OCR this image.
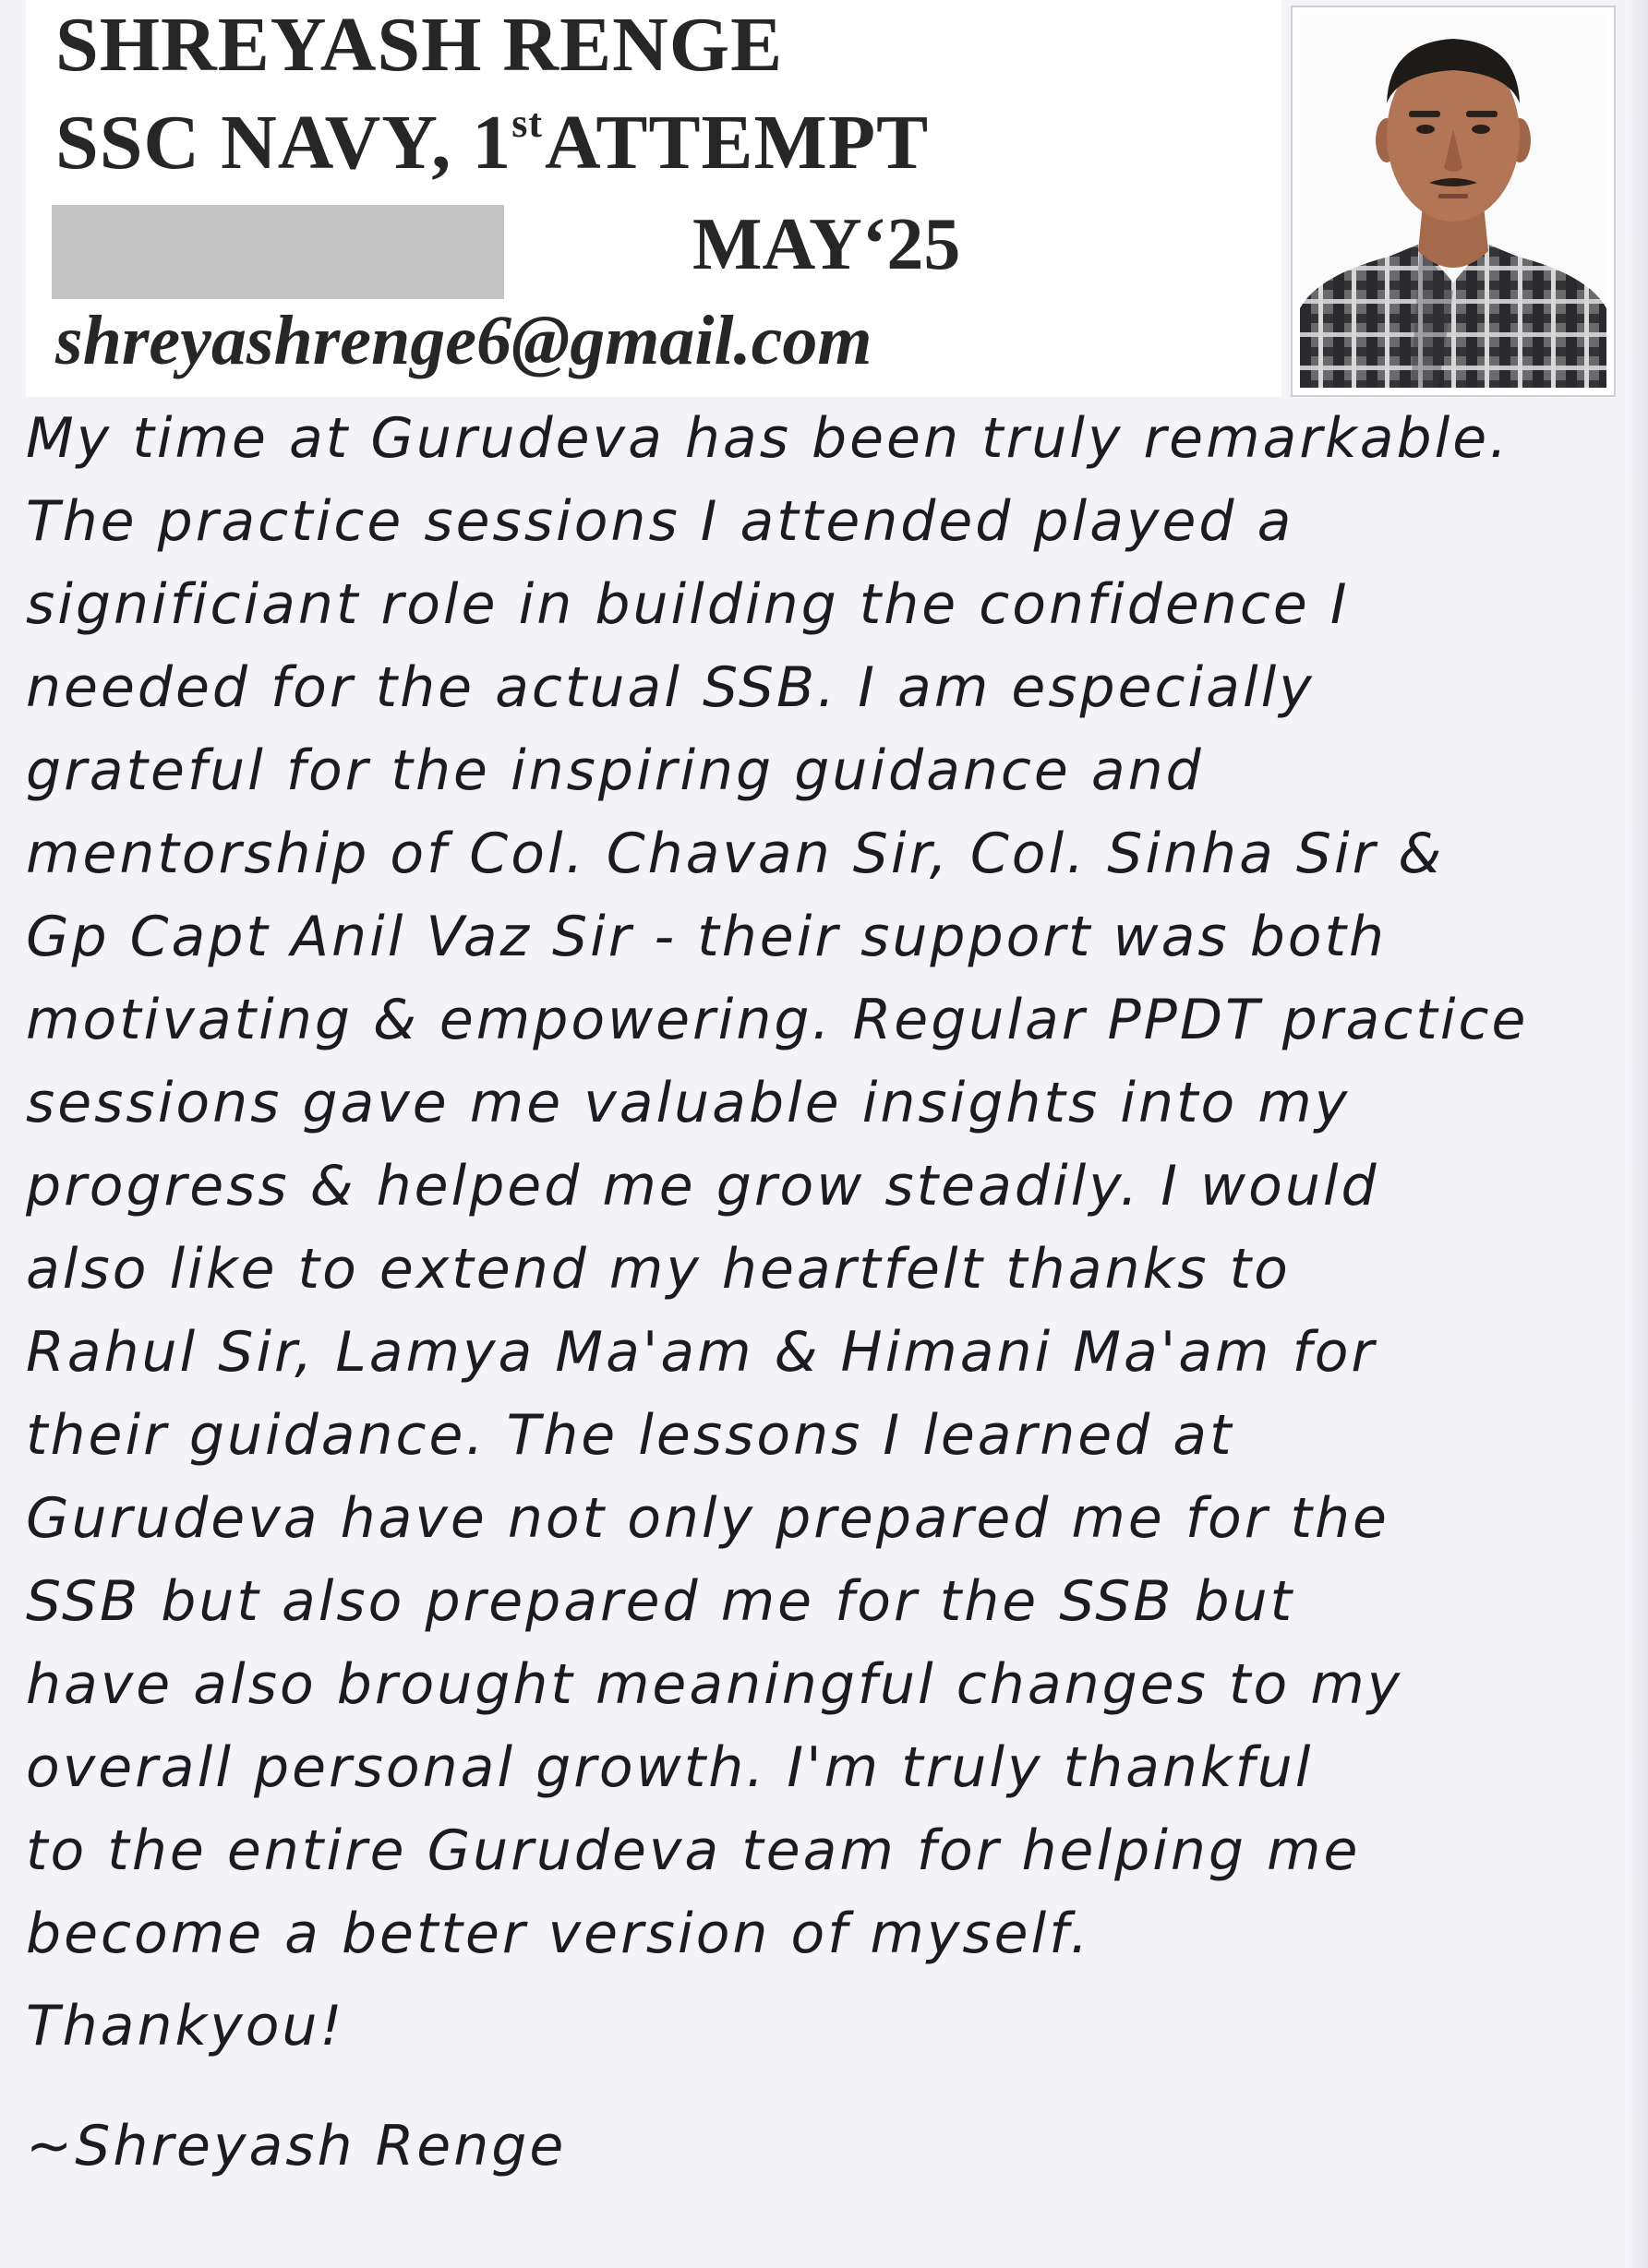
SHREYASH RENGE

SSC NAVY, 1stATTEMPT

MAY‘25

shreyashrenge6@gmail.com

My time at Gurudeva has been truly remarkable.

The practice sessions I attended played a

significiant role in building the confidence I

needed for the actual SSB. I am especially

grateful for the inspiring guidance and

mentorship of Col. Chavan Sir, Col. Sinha Sir &

Gp Capt Anil Vaz Sir - their support was both

motivating & empowering. Regular PPDT practice

sessions gave me valuable insights into my

progress & helped me grow steadily. I would

also like to extend my heartfelt thanks to

Rahul Sir, Lamya Ma'am & Himani Ma'am for

their guidance. The lessons I learned at

Gurudeva have not only prepared me for the

SSB but also prepared me for the SSB but

have also brought meaningful changes to my

overall personal growth. I'm truly thankful

to the entire Gurudeva team for helping me

become a better version of myself.

Thankyou!

~Shreyash Renge
